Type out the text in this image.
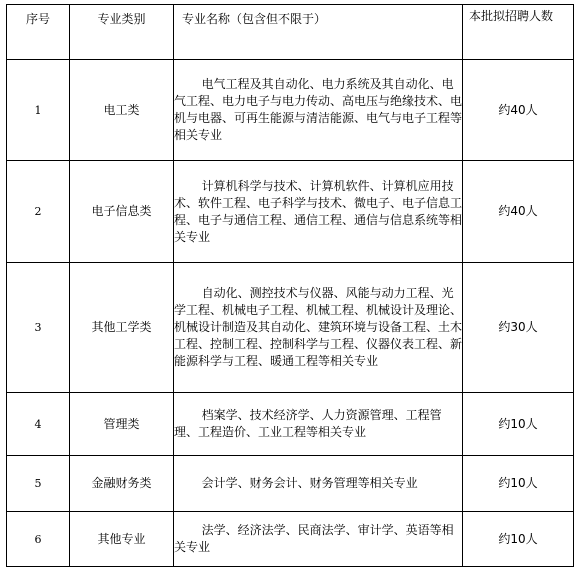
序号	专业类别	专业名称（包含但不限于）	本批拟招聘人数
1	电工类	电气工程及其自动化、电力系统及其自动化、电气工程、电力电子与电力传动、高电压与绝缘技术、电机与电器、可再生能源与清洁能源、电气与电子工程等相关专业	约40人
2	电子信息类	计算机科学与技术、计算机软件、计算机应用技术、软件工程、电子科学与技术、微电子、电子信息工程、电子与通信工程、通信工程、通信与信息系统等相关专业	约40人
3	其他工学类	自动化、测控技术与仪器、风能与动力工程、光学工程、机械电子工程、机械工程、机械设计及理论、机械设计制造及其自动化、建筑环境与设备工程、土木工程、控制工程、控制科学与工程、仪器仪表工程、新能源科学与工程、暖通工程等相关专业	约30人
4	管理类	档案学、技术经济学、人力资源管理、工程管理、工程造价、工业工程等相关专业	约10人
5	金融财务类	会计学、财务会计、财务管理等相关专业	约10人
6	其他专业	法学、经济法学、民商法学、审计学、英语等相关专业	约10人
